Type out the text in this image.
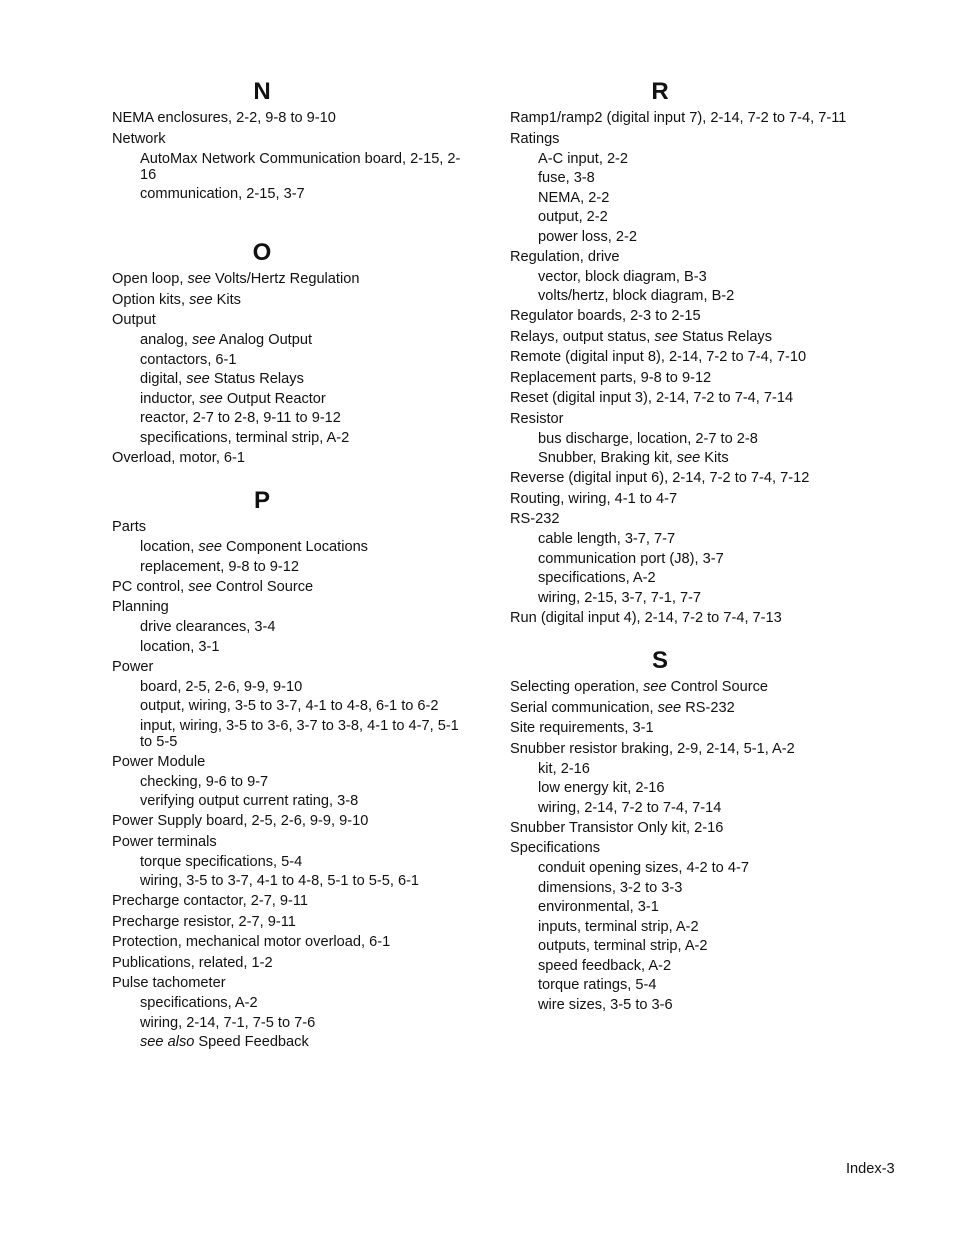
N
NEMA enclosures, 2-2, 9-8 to 9-10
Network
AutoMax Network Communication board, 2-15, 2-16
communication, 2-15, 3-7
O
Open loop, see Volts/Hertz Regulation
Option kits, see Kits
Output
analog, see Analog Output
contactors, 6-1
digital, see Status Relays
inductor, see Output Reactor
reactor, 2-7 to 2-8, 9-11 to 9-12
specifications, terminal strip, A-2
Overload, motor, 6-1
P
Parts
location, see Component Locations
replacement, 9-8 to 9-12
PC control, see Control Source
Planning
drive clearances, 3-4
location, 3-1
Power
board, 2-5, 2-6, 9-9, 9-10
output, wiring, 3-5 to 3-7, 4-1 to 4-8, 6-1 to 6-2
input, wiring, 3-5 to 3-6, 3-7 to 3-8, 4-1 to 4-7, 5-1 to 5-5
Power Module
checking, 9-6 to 9-7
verifying output current rating, 3-8
Power Supply board, 2-5, 2-6, 9-9, 9-10
Power terminals
torque specifications, 5-4
wiring, 3-5 to 3-7, 4-1 to 4-8, 5-1 to 5-5, 6-1
Precharge contactor, 2-7, 9-11
Precharge resistor, 2-7, 9-11
Protection, mechanical motor overload, 6-1
Publications, related, 1-2
Pulse tachometer
specifications, A-2
wiring, 2-14, 7-1, 7-5 to 7-6
see also Speed Feedback
R
Ramp1/ramp2 (digital input 7), 2-14, 7-2 to 7-4, 7-11
Ratings
A-C input, 2-2
fuse, 3-8
NEMA, 2-2
output, 2-2
power loss, 2-2
Regulation, drive
vector, block diagram, B-3
volts/hertz, block diagram, B-2
Regulator boards, 2-3 to 2-15
Relays, output status, see Status Relays
Remote (digital input 8), 2-14, 7-2 to 7-4, 7-10
Replacement parts, 9-8 to 9-12
Reset (digital input 3), 2-14, 7-2 to 7-4, 7-14
Resistor
bus discharge, location, 2-7 to 2-8
Snubber, Braking kit, see Kits
Reverse (digital input 6), 2-14, 7-2 to 7-4, 7-12
Routing, wiring, 4-1 to 4-7
RS-232
cable length, 3-7, 7-7
communication port (J8), 3-7
specifications, A-2
wiring, 2-15, 3-7, 7-1, 7-7
Run (digital input 4), 2-14, 7-2 to 7-4, 7-13
S
Selecting operation, see Control Source
Serial communication, see RS-232
Site requirements, 3-1
Snubber resistor braking, 2-9, 2-14, 5-1, A-2
kit, 2-16
low energy kit, 2-16
wiring, 2-14, 7-2 to 7-4, 7-14
Snubber Transistor Only kit, 2-16
Specifications
conduit opening sizes, 4-2 to 4-7
dimensions, 3-2 to 3-3
environmental, 3-1
inputs, terminal strip, A-2
outputs, terminal strip, A-2
speed feedback, A-2
torque ratings, 5-4
wire sizes, 3-5 to 3-6
Index-3
